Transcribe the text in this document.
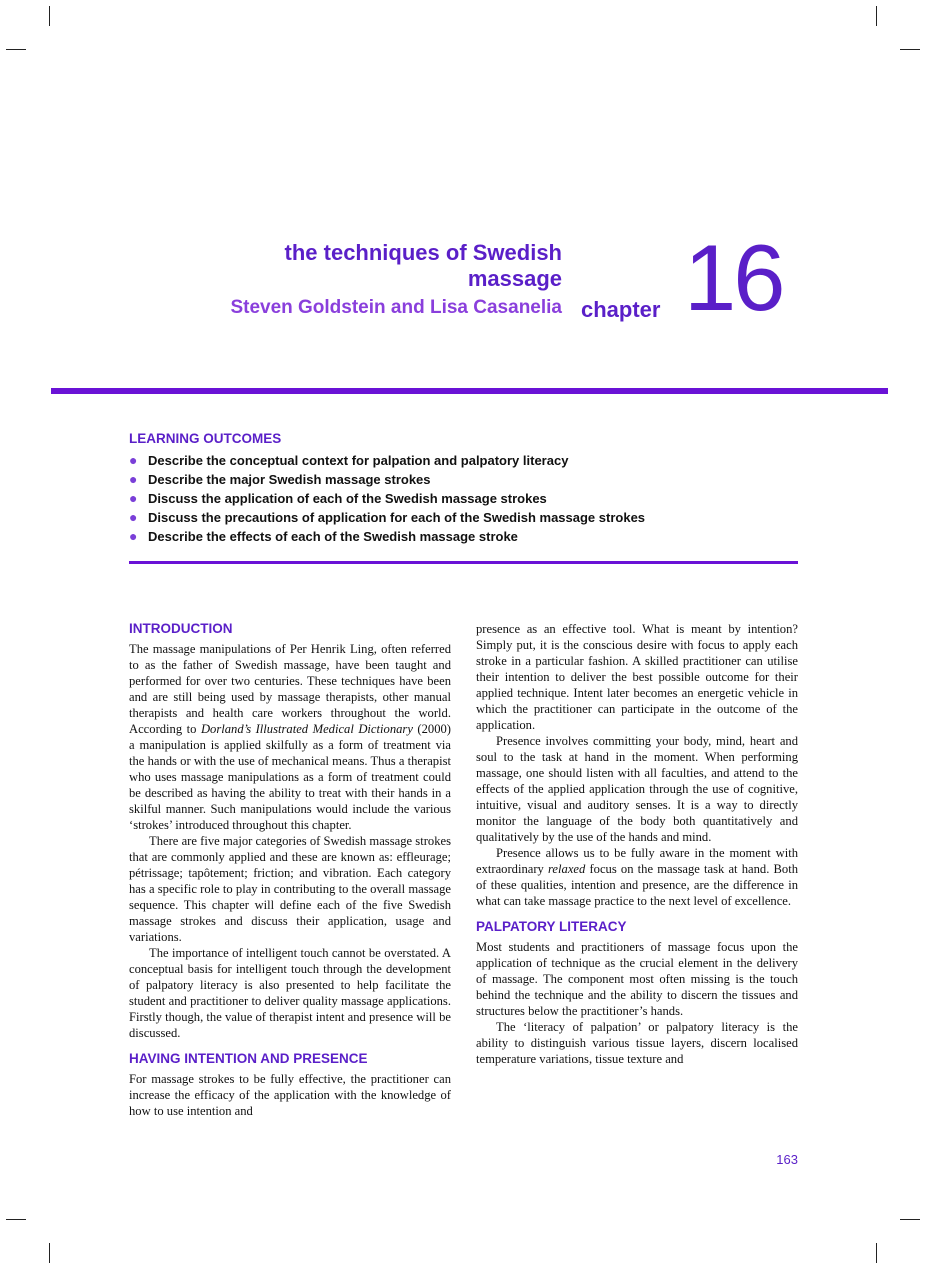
the techniques of Swedish
massage
Steven Goldstein and Lisa Casanelia chapter 16
LEARNING OUTCOMES
● Describe the conceptual context for palpation and palpatory literacy
● Describe the major Swedish massage strokes
● Discuss the application of each of the Swedish massage strokes
● Discuss the precautions of application for each of the Swedish massage strokes
● Describe the effects of each of the Swedish massage stroke
INTRODUCTION

The massage manipulations of Per Henrik Ling, often referred to as the father of Swedish massage, have been taught and performed for over two centuries. These techniques have been and are still being used by massage therapists, other manual therapists and health care workers throughout the world. According to Dorland’s Illustrated Medical Dictionary (2000) a manipulation is applied skilfully as a form of treatment via the hands or with the use of mechanical means. Thus a therapist who uses massage manipulations as a form of treatment could be described as having the ability to treat with their hands in a skilful manner. Such manipulations would include the various ‘strokes’ introduced throughout this chapter.

There are five major categories of Swedish massage strokes that are commonly applied and these are known as: effleurage; pétrissage; tapôtement; friction; and vibration. Each category has a specific role to play in contributing to the overall massage sequence. This chapter will define each of the five Swedish massage strokes and discuss their application, usage and variations.

The importance of intelligent touch cannot be overstated. A conceptual basis for intelligent touch through the development of palpatory literacy is also presented to help facilitate the student and practitioner to deliver quality massage applications. Firstly though, the value of therapist intent and presence will be discussed.

HAVING INTENTION AND PRESENCE

For massage strokes to be fully effective, the practitioner can increase the efficacy of the application with the knowledge of how to use intention and

presence as an effective tool. What is meant by intention? Simply put, it is the conscious desire with focus to apply each stroke in a particular fashion. A skilled practitioner can utilise their intention to deliver the best possible outcome for their applied technique. Intent later becomes an energetic vehicle in which the practitioner can participate in the outcome of the application.

Presence involves committing your body, mind, heart and soul to the task at hand in the moment. When performing massage, one should listen with all faculties, and attend to the effects of the applied application through the use of cognitive, intuitive, visual and auditory senses. It is a way to directly monitor the language of the body both quantitatively and qualitatively by the use of the hands and mind.

Presence allows us to be fully aware in the moment with extraordinary relaxed focus on the massage task at hand. Both of these qualities, intention and presence, are the difference in what can take massage practice to the next level of excellence.

PALPATORY LITERACY

Most students and practitioners of massage focus upon the application of technique as the crucial element in the delivery of massage. The component most often missing is the touch behind the technique and the ability to discern the tissues and structures below the practitioner’s hands.

The ‘literacy of palpation’ or palpatory literacy is the ability to distinguish various tissue layers, discern localised temperature variations, tissue texture and

163
